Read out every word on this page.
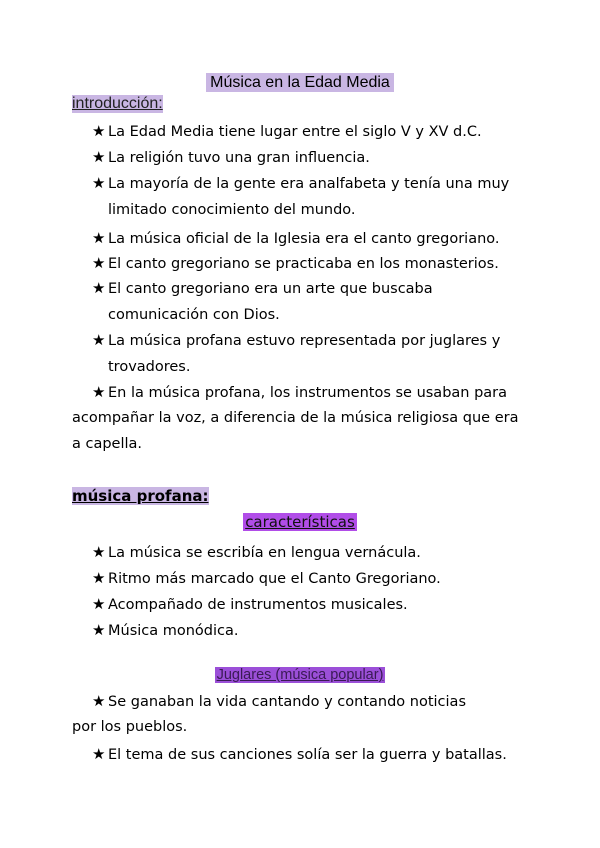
Música en la Edad Media
introducción:
★ La Edad Media tiene lugar entre el siglo V y XV d.C.
★ La religión tuvo una gran influencia.
★ La mayoría de la gente era analfabeta y tenía una muy
limitado conocimiento del mundo.
★ La música oficial de la Iglesia era el canto gregoriano.
★ El canto gregoriano se practicaba en los monasterios.
★ El canto gregoriano era un arte que buscaba
comunicación con Dios.
★ La música profana estuvo representada por juglares y
trovadores.
★ En la música profana, los instrumentos se usaban para
acompañar la voz, a diferencia de la música religiosa que era
a capella.
música profana:
características
★ La música se escribía en lengua vernácula.
★ Ritmo más marcado que el Canto Gregoriano.
★ Acompañado de instrumentos musicales.
★ Música monódica.
Juglares (música popular)
★ Se ganaban la vida cantando y contando noticias
por los pueblos.
★ El tema de sus canciones solía ser la guerra y batallas.
